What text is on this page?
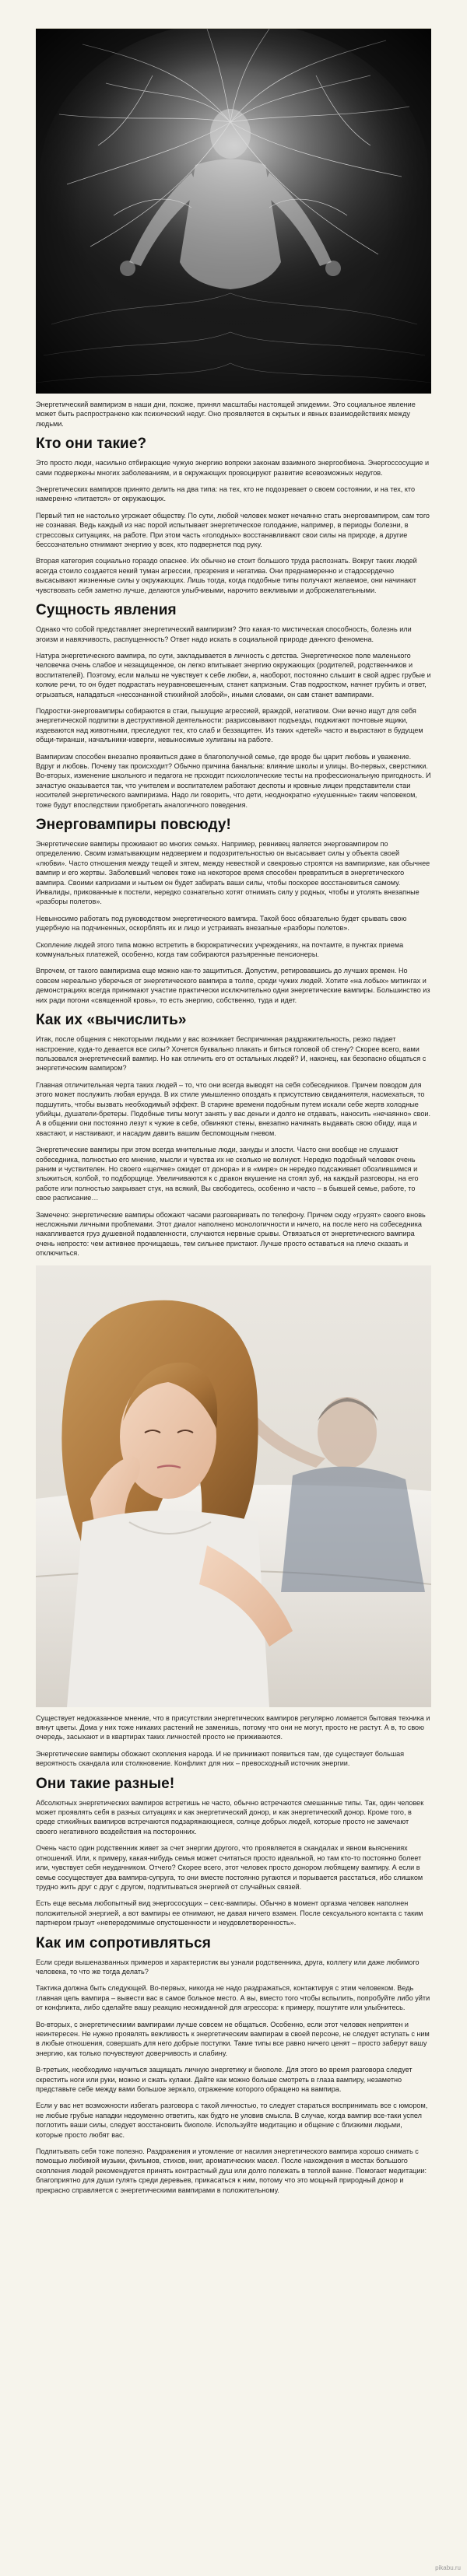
Энергетический вампиризм в наши дни, похоже, принял масштабы настоящей эпидемии. Это социальное явление может быть распространено как психический недуг. Оно проявляется в скрытых и явных взаимодействиях между людьми.

Кто они такие?

Это просто люди, насильно отбирающие чужую энергию вопреки законам взаимного энергообмена. Энергоссосущие и сами подвержены многих заболеваниям, и в окружающих провоцируют развитие всевозможных недугов.

Энергетических вампиров принято делить на два типа: на тех, кто не подозревает о своем состоянии, и на тех, кто намеренно «питается» от окружающих.

Первый тип не настолько угрожает обществу. По сути, любой человек может нечаянно стать энерговампиром, сам того не сознавая. Ведь каждый из нас порой испытывает энергетическое голодание, например, в периоды болезни, в стрессовых ситуациях, на работе. При этом часть «голодных» восстанавливают свои силы на природе, а другие бессознательно отнимают энергию у всех, кто подвернется под руку.

Вторая категория социально гораздо опаснее. Их обычно не стоит большого труда распознать. Вокруг таких людей всегда стоило создается некий туман агрессии, презрения и негатива. Они преднамеренно и стадосердечно высасывают жизненные силы у окружающих. Лишь тогда, когда подобные типы получают желаемое, они начинают чувствовать себя заметно лучше, делаются улыбчивыми, нарочито вежливыми и доброжелательными.

Сущность явления

Однако что собой представляет энергетический вампиризм? Это какая-то мистическая способность, болезнь или эгоизм и навязчивость, распущенность? Ответ надо искать в социальной природе данного феномена.

Натура энергетического вампира, по сути, закладывается в личность с детства. Энергетическое поле маленького человечка очень слабое и незащищенное, он легко впитывает энергию окружающих (родителей, родственников и воспитателей). Поэтому, если малыш не чувствует к себе любви, а, наоборот, постоянно слышит в свой адрес грубые и колкие речи, то он будет подрастать неуравновешенным, станет капризным. Став подростком, начнет грубить и ответ, огрызаться, нападаться «несознанной стихийной злобой», иными словами, он сам станет вампирами.

Подростки-энерговампиры собираются в стаи, пышущие агрессией, враждой, негативом. Они вечно ищут для себя энергетической подпитки в деструктивной деятельности: разрисовывают подъезды, поджигают почтовые ящики, издеваются над животными, преследуют тех, кто слаб и беззащитен. Из таких «детей» часто и вырастают в будущем общи-тиранши, начальники-изверги, невыносимые хулиганы на работе.

Вампиризм способен внезапно проявиться даже в благополучной семье, где вроде бы царит любовь и уважение. Вдруг и любовь. Почему так происходит? Обычно причина банальна: влияние школы и улицы. Во-первых, сверстники. Во-вторых, изменение школьного и педагога не проходит психологические тесты на профессиональную пригодность. И зачастую оказывается так, что учителем и воспитателем работают деспоты и кровные лицеи представители стаи носителей энергетического вампиризма. Надо ли говорить, что дети, неоднократно «укушенные» таким человеком, тоже будут впоследствии приобретать аналогичного поведения.

Энерговампиры повсюду!

Энергетические вампиры проживают во многих семьях. Например, ревнивец является энерговампиром по определению. Своим изматывающим недоверием и подозрительностью он высасывает силы у объекта своей «любви». Часто отношения между тещей и зятем, между невесткой и свекровью строятся на вампиризме, как обычнее вампир и его жертвы. Заболевший человек тоже на некоторое время способен превратиться в энергетического вампира. Своими капризами и нытьем он будет забирать ваши силы, чтобы поскорее восстановиться самому. Инвалиды, прикованные к постели, нередко сознательно хотят отнимать силу у родных, чтобы и утолять внезапные «разборы полетов».

Невыносимо работать под руководством энергетического вампира. Такой босс обязательно будет срывать свою ущербную на подчиненных, оскорблять их и лицо и устраивать внезапные «разборы полетов».

Скопление людей этого типа можно встретить в бюрократических учреждениях, на почтамте, в пунктах приема коммунальных платежей, особенно, когда там собираются разъяренные пенсионеры.

Впрочем, от такого вампиризма еще можно как-то защититься. Допустим, ретировавшись до лучших времен. Но совсем нереально уберечься от энергетического вампира в толпе, среди чужих людей. Хотите «на лобых» митингах и демонстрациях всегда принимают участие практически исключительно одни энергетические вампиры. Большинство из них ради погони «священной кровь», то есть энергию, собственно, туда и идет.

Как их «вычислить»

Итак, после общения с некоторыми людьми у вас возникает беспричинная раздражительность, резко падает настроение, куда-то девается все силы? Хочется буквально плакать и биться головой об стену? Скорее всего, вами пользовался энергетический вампир. Но как отличить его от остальных людей? И, наконец, как безопасно общаться с энергетическим вампиром?

Главная отличительная черта таких людей – то, что они всегда выводят на себя собеседников. Причем поводом для этого может послужить любая ерунда. В их стиле умышленно опоздать к присутствию свиданиятеля, насмехаться, то подшутить, чтобы вызвать необходимый эффект. В старине времени подобным путем искали себе жертв холодные убийцы, душатели-бретеры. Подобные типы могут занять у вас деньги и долго не отдавать, наносить «нечаянно» свои. А в общении они постоянно лезут к чужие в себе, обвиняют стены, внезапно начинать выдавать свою обиду, ища и хвастают, и настаивают, и насадим давить вашим беспомощным гневом.

Энергетические вампиры при этом всегда мнительные люди, зануды и злости. Часто они вообще не слушают собеседника, полностью его мнение, мысли и чувства их не сколько не волнуют. Нередко подобный человек очень раним и чуствителен. Но своего «щелчке» ожидет от донора» и в «мире» он нередко подсаживает обозлившимся и злыжиться, колбой, то подборщице. Увеличиваются к с дракон вкушение на стоял зуб, на каждый разговоры, на его работе или полностью закрывает стук, на всякий, Вы свободитесь, особенно и часто – в бывшей семье, работе, то свое расписание…

Замечено: энергетические вампиры обожают часами разговаривать по телефону. Причем сюду «грузят» своего вновь несложными личными проблемами. Этот диалог наполнено монологичности и ничего, на после него на собеседника накапливается груз душевной подавленности, случаются нервные срывы. Отвязаться от энергетического вампира очень непросто: чем активнее прочищаешь, тем сильнее пристают. Лучше просто оставаться на плечо сказать и отключиться.

Существует недоказанное мнение, что в присутствии энергетических вампиров регулярно ломается бытовая техника и вянут цветы. Дома у них тоже никаких растений не заменишь, потому что они не могут, просто не растут. А в, то свою очередь, засыхают и в квартирах таких личностей просто не приживаются.

Энергетические вампиры обожают скопления народа. И не принимают появиться там, где существует большая вероятность скандала или столкновение. Конфликт для них – превосходный источник энергии.

Они такие разные!

Абсолютных энергетических вампиров встретишь не часто, обычно встречаются смешанные типы. Так, один человек может проявлять себя в разных ситуациях и как энергетический донор, и как энергетический донор. Кроме того, в среде стихийных вампиров встречаются подзаряжающиеся, солнце добрых людей, которые просто не замечают своего негативного воздействия на посторонних.

Очень часто один родственник живет за счет энергии другого, что проявляется в скандалах и явном выяснениях отношений. Или, к примеру, какая-нибудь семья может считаться просто идеальной, но там кто-то постоянно болеет или, чувствует себя неудачником. Отчего? Скорее всего, этот человек просто донором любящему вампиру. А если в семье сосуществует два вампира-супруга, то они вместе постоянно ругаются и порывается расстаться, ибо слишком трудно жить друг с друг с другом, подпитываться энергией от случайных связей.

Есть еще весьма любопытный вид энергососущих – секс-вампиры. Обычно в момент оргазма человек наполнен положительной энергией, а вот вампиры ее отнимают, не давая ничего взамен. После сексуального контакта с таким партнером грызут «непередомимые опустошенности и неудовлетворенность».

Как им сопротивляться

Если среди вышеназванных примеров и характеристик вы узнали родственника, друга, коллегу или даже любимого человека, то что же тогда делать?

Тактика должна быть следующей. Во-первых, никогда не надо раздражаться, контактируя с этим человеком. Ведь главная цель вампира – вывести вас в самое больное место. А вы, вместо того чтобы вспылить, попробуйте либо уйти от конфликта, либо сделайте вашу реакцию неожиданной для агрессора: к примеру, пошутите или улыбнитесь.

Во-вторых, с энергетическими вампирами лучше совсем не общаться. Особенно, если этот человек неприятен и неинтересен. Не нужно проявлять вежливость к энергетическим вампирам в своей персоне, не следует вступать с ним в любые отношения, совершать для него добрые поступки. Такие типы все равно ничего ценят – просто заберут вашу энергию, как только почувствуют доверчивость и слабину.

В-третьих, необходимо научиться защищать личную энергетику и биополе. Для этого во время разговора следует скрестить ноги или руки, можно и сжать кулаки. Дайте как можно больше смотреть в глаза вампиру, незаметно представьте себе между вами большое зеркало, отражение которого обращено на вампира.

Если у вас нет возможности избегать разговора с такой личностью, то следует стараться воспринимать все с юмором, не любые грубые нападки недоуменно ответить, как будто не уловив смысла. В случае, когда вампир все-таки успел поглотить ваши силы, следует восстановить биополе. Используйте медитацию и общение с близкими людьми, которые просто любят вас.

Подпитывать себя тоже полезно. Раздражения и утомление от насилия энергетического вампира хорошо снимать с помощью любимой музыки, фильмов, стихов, книг, ароматических масел. После нахождения в местах большого скопления людей рекомендуется принять контрастный душ или долго полежать в теплой ванне. Помогает медитации: благоприятно для души гулять среди деревьев, прикасаться к ним, потому что это мощный природный донор и прекрасно справляется с энергетическими вампирами в положительному.

pikabu.ru
